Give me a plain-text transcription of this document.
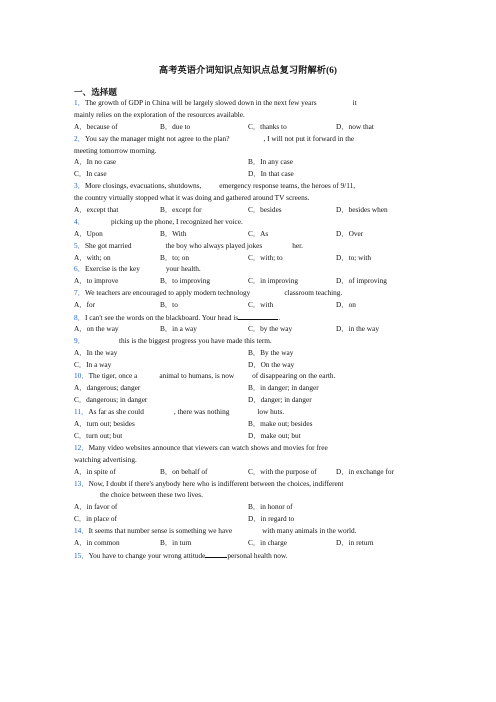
高考英语介词知识点知识点总复习附解析(6)
一、选择题
1．The growth of GDP in China will be largely slowed down in the next few years	it
mainly relies on the exploration of the resources available.
A．because of	B．due to	C．thanks to	D．now that
2．You say the manager might not agree to the plan?	, I will not put it forward in the
meeting tomorrow morning.
A．In no case	B．In any case
C．In case	D．In that case
3．More closings, evacuations, shutdowns, emergency response teams, the heroes of 9/11,
the country virtually stopped what it was doing and gathered around TV screens.
A．except that	B．except for	C．besides	D．besides when
4．	picking up the phone, I recognized her voice.
A．Upon	B．With	C．As	D．Over
5．She got married	the boy who always played jokes	her.
A．with; on	B．to; on	C．with; to	D．to; with
6．Exercise is the key	your health.
A．to improve	B．to improving	C．in improving	D．of improving
7．We teachers are encouraged to apply modern technology	classroom teaching.
A．for	B．to	C．with	D．on
8．I can't see the words on the blackboard. Your head is	.
A．on the way	B．in a way	C．by the way	D．in the way
9．	this is the biggest progress you have made this term.
A．In the way	B．By the way
C．In a way	D．On the way
10．The tiger, once a	animal to humans, is now of disappearing on the earth.
A．dangerous; danger	B．in danger; in danger
C．dangerous; in danger	D．danger; in danger
11．As far as she could	, there was nothing	low huts.
A．turn out; besides	B．make out; besides
C．turn out; but	D．make out; but
12．Many video websites announce that viewers can watch shows and movies for free
watching advertising.
A．in spite of	B．on behalf of	C．with the purpose of	D．in exchange for
13．Now, I doubt if there's anybody here who is indifferent between the choices, indifferent
the choice between these two lives.
A．in favor of	B．in honor of
C．in place of	D．in regard to
14．It seems that number sense is something we have	with many animals in the world.
A．in common	B．in turn	C．in charge	D．in return
15．You have to change your wrong attitude	personal health now.
